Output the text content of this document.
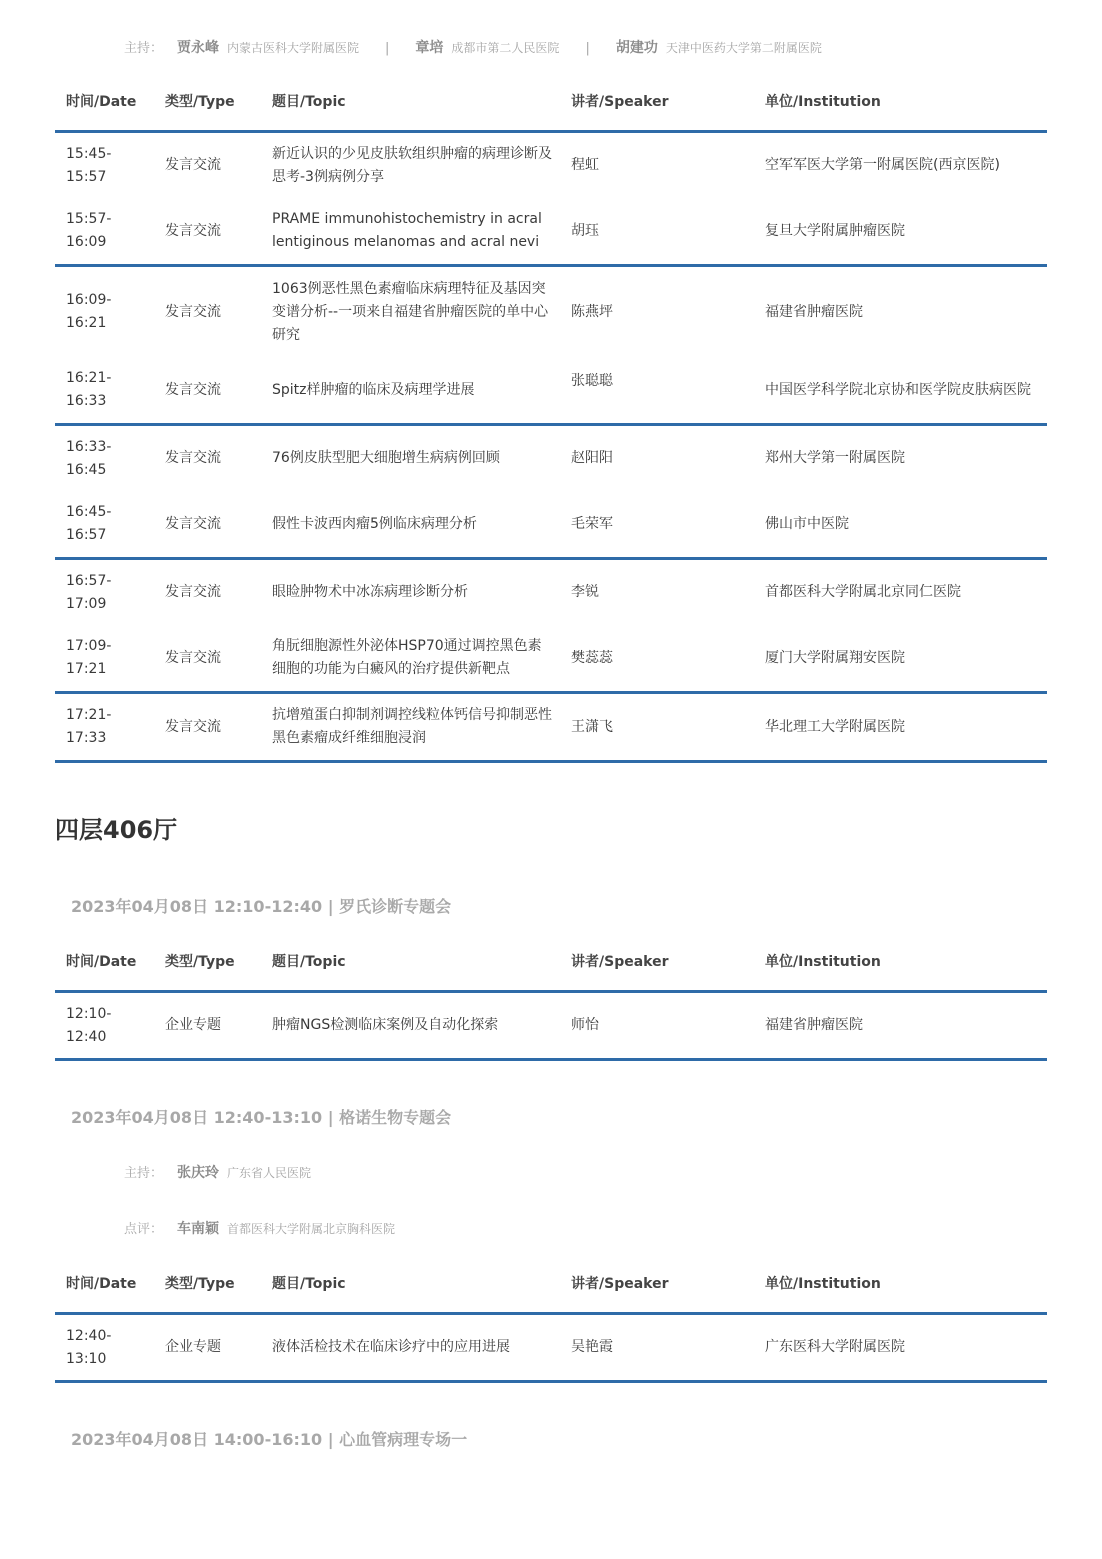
主持： 贾永峰 内蒙古医科大学附属医院 | 章培 成都市第二人民医院 | 胡建功 天津中医药大学第二附属医院
时间/Date	类型/Type	题目/Topic	讲者/Speaker	单位/Institution
15:45-15:57	发言交流	新近认识的少见皮肤软组织肿瘤的病理诊断及思考-3例病例分享	程虹	空军军医大学第一附属医院(西京医院)
15:57-16:09	发言交流	PRAME immunohistochemistry in acral lentiginous melanomas and acral nevi	胡珏	复旦大学附属肿瘤医院
16:09-16:21	发言交流	1063例恶性黑色素瘤临床病理特征及基因突变谱分析--一项来自福建省肿瘤医院的单中心研究	陈燕坪	福建省肿瘤医院
16:21-16:33	发言交流	Spitz样肿瘤的临床及病理学进展	张聪聪	中国医学科学院北京协和医学院皮肤病医院
16:33-16:45	发言交流	76例皮肤型肥大细胞增生病病例回顾	赵阳阳	郑州大学第一附属医院
16:45-16:57	发言交流	假性卡波西肉瘤5例临床病理分析	毛荣军	佛山市中医院
16:57-17:09	发言交流	眼睑肿物术中冰冻病理诊断分析	李锐	首都医科大学附属北京同仁医院
17:09-17:21	发言交流	角朊细胞源性外泌体HSP70通过调控黑色素细胞的功能为白癜风的治疗提供新靶点	樊蕊蕊	厦门大学附属翔安医院
17:21-17:33	发言交流	抗增殖蛋白抑制剂调控线粒体钙信号抑制恶性黑色素瘤成纤维细胞浸润	王潇飞	华北理工大学附属医院
四层406厅
2023年04月08日 12:10-12:40 | 罗氏诊断专题会
时间/Date	类型/Type	题目/Topic	讲者/Speaker	单位/Institution
12:10-12:40	企业专题	肿瘤NGS检测临床案例及自动化探索	师怡	福建省肿瘤医院
2023年04月08日 12:40-13:10 | 格诺生物专题会
主持： 张庆玲 广东省人民医院
点评： 车南颖 首都医科大学附属北京胸科医院
时间/Date	类型/Type	题目/Topic	讲者/Speaker	单位/Institution
12:40-13:10	企业专题	液体活检技术在临床诊疗中的应用进展	吴艳霞	广东医科大学附属医院
2023年04月08日 14:00-16:10 | 心血管病理专场一
